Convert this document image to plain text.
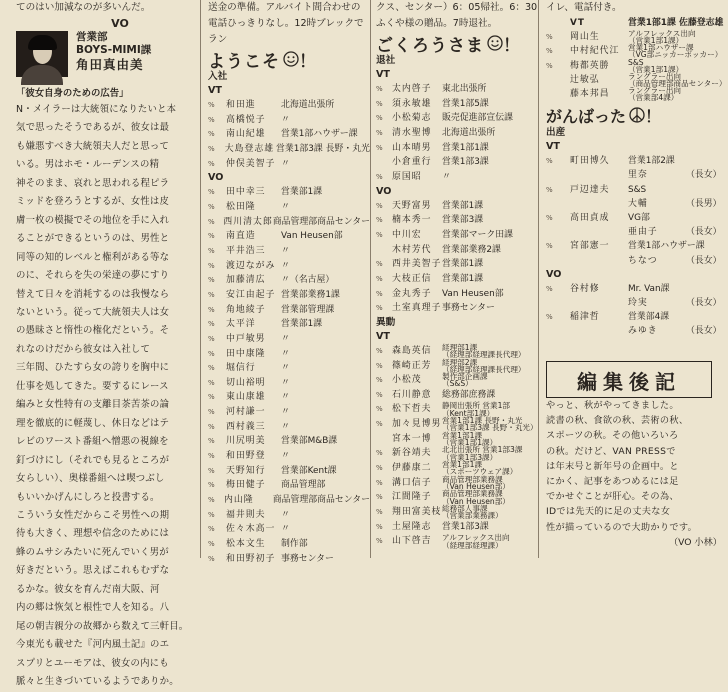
てのはい加減なのが多いんだ。
VO
営業部
BOYS-MIMI課
角田真由美
「彼女自身のための広告」
N・メイラーは大統領になりたいと本
気で思ったそうであるが、彼女は最
も嫌悪すべき大統領夫人だと思って
いる。男はホモ・ルーデンスの精
神そのまま、哀れと思われる程ピラ
ミッドを登ろうとするが、女性は皮
膚一枚の模擬でその地位を手に入れ
ることができるというのは、男性と
同等の知的レベルと権利がある等な
のに、それらを失の栄達の夢にすり
替えて日々を消耗するのは我慢なら
ないという。従って大統領夫人は女
の愚昧さと惰性の権化だという。そ
れなのけだから彼女は入社して
三年間、ひたすら女の誇りを胸中に
仕事を処してきた。要するにレース
編みと女性特有の支離目茶苦茶の論
理を徹底的に軽蔑し、休日などはテ
レビのワースト番組へ憎悪の視線を
釘づけにし（それでも見るところが
女らしい）、奥様番組へは喫つぶし
もいいかげんにしろと投書する。
こういう女性だからこそ男性への期
待も大きく、理想や信念のためには
蜂のムサシみたいに死んでいく男が
好きだという。思えばこれもむずな
るかな。彼女を育んだ南大阪、河
内の郷は恢気と根性で人を知る。八
尾の朝吉親分の故郷から数えて三軒目。
今東光も載せた『河内風土記』のエ
スプリとユーモアは、彼女の内にも
脈々と生きづいているようでありか。
送金の準備。アルバイト間合わせの電話ひっきりなし。12時ブレックでラン
ようこそ ！
入社
VT
%	和田進	北海道出張所
%	高橋悦子	〃
%	南山紀雄	営業1部ハウザー課
%	大島登志雄 営業1部3課 長野・丸光
%	仲俣美智子 〃
VO
%	田中幸三	営業部1課
%	松田隆	〃
% 西川清太郎 商品管理部商品センター
%	南直造	Van Heusen部
%	平井浩三	〃
%	渡辺ながみ 〃
%	加藤清広	〃（名古屋）
%	安江由起子 営業部業務1課
%	角地綾子	営業部管理課
%	太平洋	営業部1課
%	中戸敏男	〃
%	田中康隆	〃
%	堀信行	〃
%	切山裕明	〃
%	東山康雄	〃
%	河村謙一	〃
%	西村義三	〃
%	川尻明美	営業部M&B課
%	和田野登	〃
%	天野知行	営業部Kent課
%	梅田健子	商品管理部
%	内山隆	商品管理部商品センター
%	福井則夫	〃
%	佐々木高一 〃
%	松本文生	制作部
%	和田野初子 事務センター
クス、センター）6：05帰社。6：30ふくや様の贈品。7時退社。
ごくろうさま ！
退社
VT
%	太内啓子	東北出張所
%	須永敏雄	営業1部5課
%	小松菊志	販売促進部宣伝課
%	清水聖博	北海道出張所
%	山本晴男	営業1部1課
小倉重行	営業1部3課
%	原国昭	〃
VO
%	天野富男	営業部1課
%	楠本秀一	営業部3課
%	中川宏	営業部マーク田課
木村芳代	営業部業務2課
%	西井美智子 営業部1課
%	大枝正信	営業部1課
%	金丸秀子	Van Heusen部
%	土室真理子 事務センター
異動
VT
%	森島英信	経理部1課
（経理部経理課長代理）
%	篠崎正芳	経理部2課
（経理部経理課長代理）
%	小松茂	製作部企画課
（S&S）
%	石川静意	総務部庶務課
%	松下哲夫	静岡出張所 営業1部
（Kent部1課）
%	加々見博男 営業1部1課 長野・丸光
（営業1部3課 長野・丸光）
宮本一博	営業1部1課
（営業1部1課）
%	新谷靖夫	北北出張所 営業1部3課
（営業1部3課）
%	伊藤康二	営業1部1課
（スポーツウェア課）
%	溝口信子	商品管理部業務課
（Van Heusen部）
%	江間隆子	商品管理部業務課
（Van Heusen部）
%	翔田富美枝 総務部人事課
（営業部業務課）
%	土屋隆志	営業1部3課
%	山下啓吉	アルフレックス出向
（経理部経理課）
イレ、電話付き。
VT	営業1部1課 佐藤登志雄
%	岡山生	アルフレックス出向
（営業1部1課）
%	中村紀代江	営業1部ハウザー課
（VG部ニッカーボッカー）
%	梅都英勝	S&S
（営業1部1課）
辻敏弘	ラングラー出向
（商品管理部商品センター）
藤本邦昌	ラングラー出向
（営業部4課）
がんばった ！
出産
VT
%	町田博久	営業1部2課
里奈	（長女）
%	戸辺達夫	S&S
大輔	（長男）
%	高田貞成	VG部
亜由子	（長女）
%	宮部憲一	営業1部ハウザー課
ちなつ	（長女）
VO
%	谷村修	Mr. Van課
玲実	（長女）
%	稲津哲	営業部4課
みゆき	（長女）
編集後記

やっと、秋がやってきました。

読書の秋、食欲の秋、芸術の秋、

スポーツの秋。その他いろいろ

の秋。だけど、VAN PRESSで

は年末号と新年号の企画中。と

にかく、記事をあつめるには足

でかせぐことが肝心。その為、

IDでは先天的に足の丈夫な女

性が描っているので大助かりです。

（VO 小林）
